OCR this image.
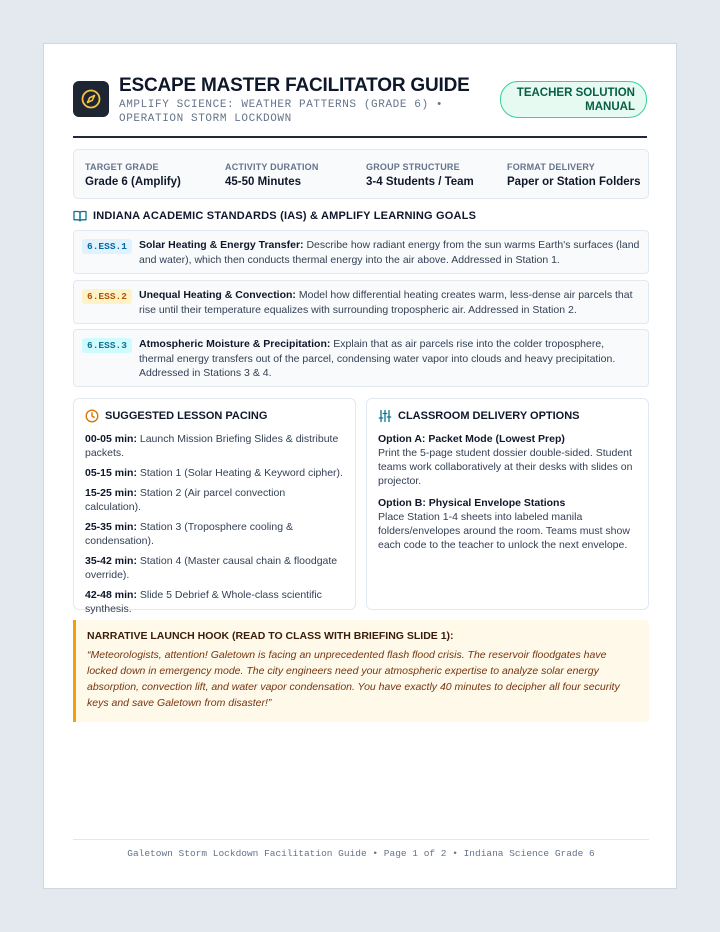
ESCAPE MASTER FACILITATOR GUIDE
AMPLIFY SCIENCE: WEATHER PATTERNS (GRADE 6) • OPERATION STORM LOCKDOWN
TEACHER SOLUTION
MANUAL
TARGET GRADE
Grade 6 (Amplify)
ACTIVITY DURATION
45-50 Minutes
GROUP STRUCTURE
3-4 Students / Team
FORMAT DELIVERY
Paper or Station Folders
INDIANA ACADEMIC STANDARDS (IAS) & AMPLIFY LEARNING GOALS
6.ESS.1	Solar Heating & Energy Transfer: Describe how radiant energy from the sun warms Earth's surfaces (land and water), which then conducts thermal energy into the air above. Addressed in Station 1.
6.ESS.2	Unequal Heating & Convection: Model how differential heating creates warm, less-dense air parcels that rise until their temperature equalizes with surrounding tropospheric air. Addressed in Station 2.
6.ESS.3	Atmospheric Moisture & Precipitation: Explain that as air parcels rise into the colder troposphere, thermal energy transfers out of the parcel, condensing water vapor into clouds and heavy precipitation. Addressed in Stations 3 & 4.
SUGGESTED LESSON PACING
00-05 min: Launch Mission Briefing Slides & distribute packets.
05-15 min: Station 1 (Solar Heating & Keyword cipher).
15-25 min: Station 2 (Air parcel convection calculation).
25-35 min: Station 3 (Troposphere cooling & condensation).
35-42 min: Station 4 (Master causal chain & floodgate override).
42-48 min: Slide 5 Debrief & Whole-class scientific synthesis.
CLASSROOM DELIVERY OPTIONS
Option A: Packet Mode (Lowest Prep)
Print the 5-page student dossier double-sided. Student teams work collaboratively at their desks with slides on projector.
Option B: Physical Envelope Stations
Place Station 1-4 sheets into labeled manila folders/envelopes around the room. Teams must show each code to the teacher to unlock the next envelope.
NARRATIVE LAUNCH HOOK (READ TO CLASS WITH BRIEFING SLIDE 1):
“Meteorologists, attention! Galetown is facing an unprecedented flash flood crisis. The reservoir floodgates have locked down in emergency mode. The city engineers need your atmospheric expertise to analyze solar energy absorption, convection lift, and water vapor condensation. You have exactly 40 minutes to decipher all four security keys and save Galetown from disaster!”
Galetown Storm Lockdown Facilitation Guide • Page 1 of 2 • Indiana Science Grade 6
